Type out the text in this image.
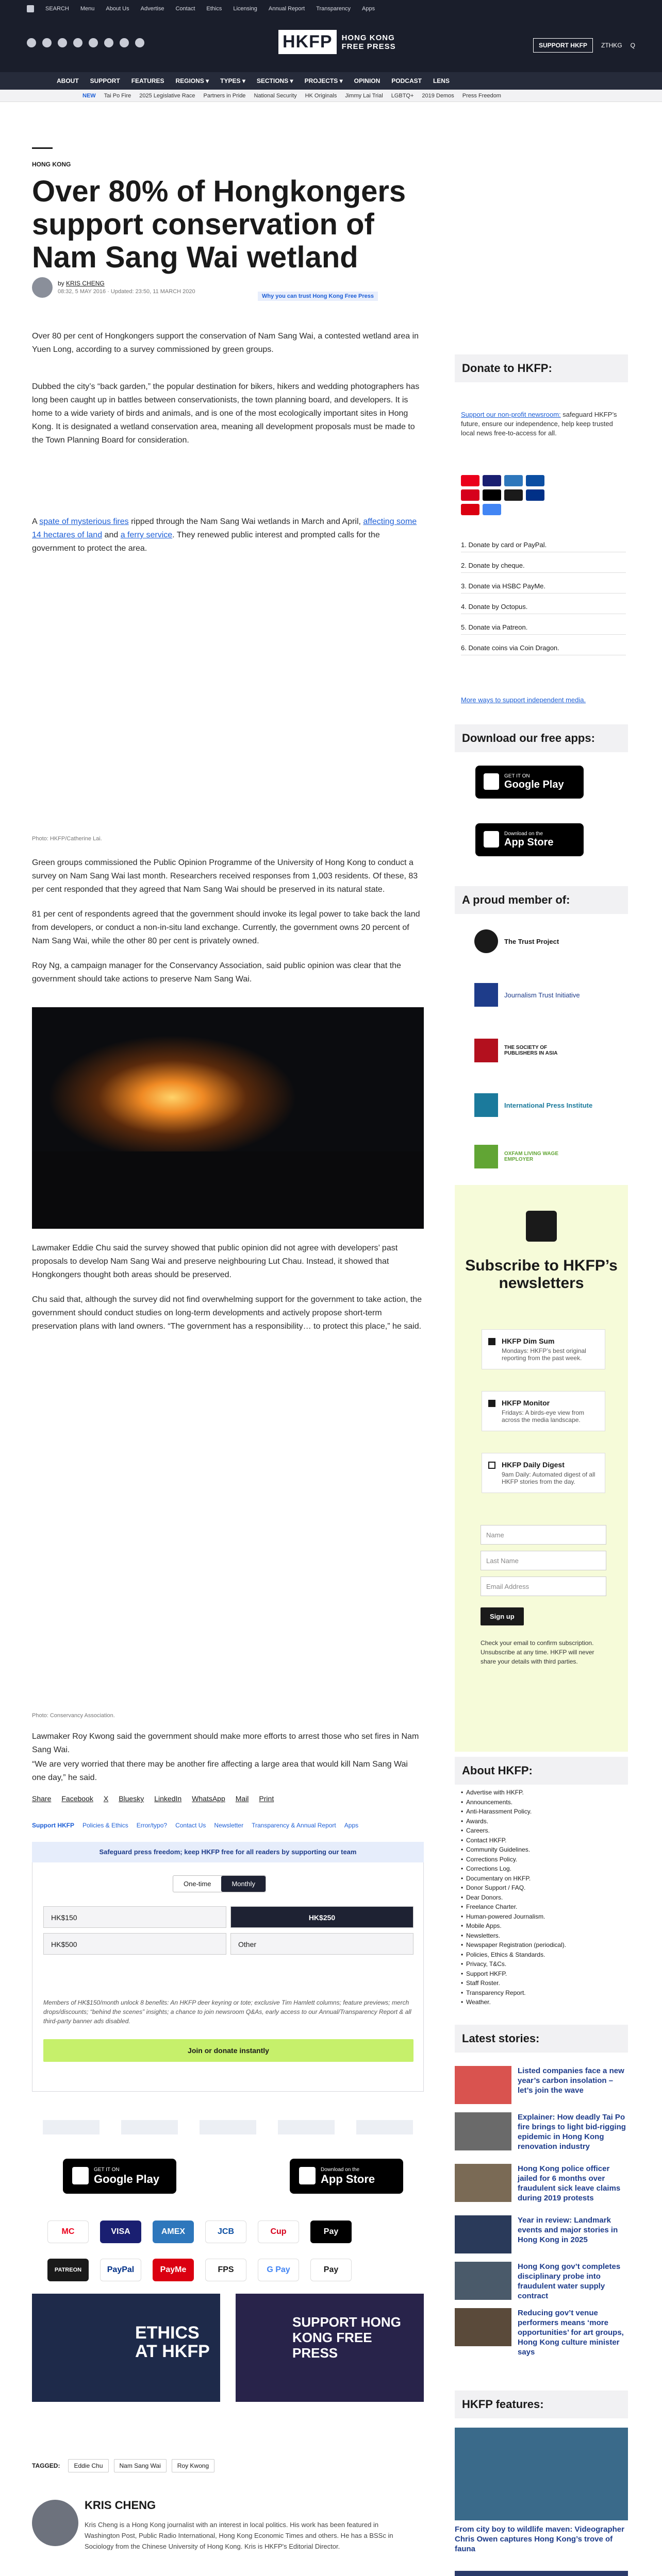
SEARCH Menu About Us Advertise Contact Ethics Licensing Annual Report Transparency Apps
HKFP	HONG KONG
FREE PRESS	SUPPORT HKFP	ZTHKG Q
ABOUT SUPPORT FEATURES REGIONS ▾ TYPES ▾ SECTIONS ▾ PROJECTS ▾ OPINION PODCAST LENS
NEW Tai Po Fire 2025 Legislative Race Partners in Pride National Security HK Originals Jimmy Lai Trial LGBTQ+ 2019 Demos Press Freedom
HONG KONG
Over 80% of Hongkongers support conservation of Nam Sang Wai wetland
by KRIS CHENG
08:32, 5 MAY 2016 · Updated: 23:50, 11 MARCH 2020
Why you can trust Hong Kong Free Press

Over 80 per cent of Hongkongers support the conservation of Nam Sang Wai, a contested wetland area in Yuen Long, according to a survey commissioned by green groups.

Dubbed the city’s “back garden,” the popular destination for bikers, hikers and wedding photographers has long been caught up in battles between conservationists, the town planning board, and developers. It is home to a wide variety of birds and animals, and is one of the most ecologically important sites in Hong Kong. It is designated a wetland conservation area, meaning all development proposals must be made to the Town Planning Board for consideration.

A spate of mysterious fires ripped through the Nam Sang Wai wetlands in March and April, affecting some 14 hectares of land and a ferry service. They renewed public interest and prompted calls for the government to protect the area.

Photo: HKFP/Catherine Lai.

Green groups commissioned the Public Opinion Programme of the University of Hong Kong to conduct a survey on Nam Sang Wai last month. Researchers received responses from 1,003 residents. Of these, 83 per cent responded that they agreed that Nam Sang Wai should be preserved in its natural state.

81 per cent of respondents agreed that the government should invoke its legal power to take back the land from developers, or conduct a non-in-situ land exchange. Currently, the government owns 20 percent of Nam Sang Wai, while the other 80 per cent is privately owned.

Roy Ng, a campaign manager for the Conservancy Association, said public opinion was clear that the government should take actions to preserve Nam Sang Wai.

Lawmaker Eddie Chu said the survey showed that public opinion did not agree with developers’ past proposals to develop Nam Sang Wai and preserve neighbouring Lut Chau. Instead, it showed that Hongkongers thought both areas should be preserved.

Chu said that, although the survey did not find overwhelming support for the government to take action, the government should conduct studies on long-term developments and actively propose short-term preservation plans with land owners. “The government has a responsibility… to protect this place,” he said.

Photo: Conservancy Association.

Lawmaker Roy Kwong said the government should make more efforts to arrest those who set fires in Nam Sang Wai.

“We are very worried that there may be another fire affecting a large area that would kill Nam Sang Wai one day,” he said.

Share Facebook X Bluesky LinkedIn WhatsApp Mail Print
Support HKFP Policies & Ethics Error/typo? Contact Us Newsletter Transparency & Annual Report Apps
Safeguard press freedom; keep HKFP free for all readers by supporting our team
One-time	Monthly
HK$150	HK$250
HK$500	Other
Members of HK$150/month unlock 8 benefits: An HKFP deer keyring or tote; exclusive Tim Hamlett columns; feature previews; merch drops/discounts; “behind the scenes” insights; a chance to join newsroom Q&As, early access to our Annual/Transparency Report & all third-party banner ads disabled.
Join or donate instantly
GET IT ON
Google Play
Download on the
App Store
MC	VISA	AMEX	JCB	Cup	Pay
PATREON	PayPal	PayMe	FPS	G Pay	Pay
ETHICS AT HKFP
SUPPORT HONG KONG FREE PRESS
TAGGED:	Eddie Chu	Nam Sang Wai	Roy Kwong
KRIS CHENG
Kris Cheng is a Hong Kong journalist with an interest in local politics. His work has been featured in Washington Post, Public Radio International, Hong Kong Economic Times and others. He has a BSSc in Sociology from the Chinese University of Hong Kong. Kris is HKFP's Editorial Director.
Donate to HKFP:
Support our non-profit newsroom: safeguard HKFP’s future, ensure our independence, help keep trusted local news free-to-access for all.
1. Donate by card or PayPal.
2. Donate by cheque.
3. Donate via HSBC PayMe.
4. Donate by Octopus.
5. Donate via Patreon.
6. Donate coins via Coin Dragon.
More ways to support independent media.
Download our free apps:
GET IT ON
Google Play
Download on the
App Store
A proud member of:
The Trust Project
Journalism Trust Initiative
THE SOCIETY OF PUBLISHERS IN ASIA
International Press Institute
OXFAM LIVING WAGE EMPLOYER
Subscribe to HKFP’s newsletters
HKFP Dim Sum
Mondays: HKFP’s best original reporting from the past week.
HKFP Monitor
Fridays: A birds-eye view from across the media landscape.
HKFP Daily Digest
9am Daily: Automated digest of all HKFP stories from the day.
Name
Last Name
Email Address
Sign up
Check your email to confirm subscription. Unsubscribe at any time. HKFP will never share your details with third parties.
About HKFP:
• Advertise with HKFP.
• Announcements.
• Anti-Harassment Policy.
• Awards.
• Careers.
• Contact HKFP.
• Community Guidelines.
• Corrections Policy.
• Corrections Log.
• Documentary on HKFP.
• Donor Support / FAQ.
• Dear Donors.
• Freelance Charter.
• Human-powered Journalism.
• Mobile Apps.
• Newsletters.
• Newspaper Registration (periodical).
• Policies, Ethics & Standards.
• Privacy, T&Cs.
• Support HKFP.
• Staff Roster.
• Transparency Report.
• Weather.
Latest stories:
Listed companies face a new year’s carbon insolation – let’s join the wave
Explainer: How deadly Tai Po fire brings to light bid-rigging epidemic in Hong Kong renovation industry
Hong Kong police officer jailed for 6 months over fraudulent sick leave claims during 2019 protests
Year in review: Landmark events and major stories in Hong Kong in 2025
Hong Kong gov’t completes disciplinary probe into fraudulent water supply contract
Reducing gov’t venue performers means ‘more opportunities’ for art groups, Hong Kong culture minister says
HKFP features:
From city boy to wildlife maven: Videographer Chris Owen captures Hong Kong’s trove of fauna
